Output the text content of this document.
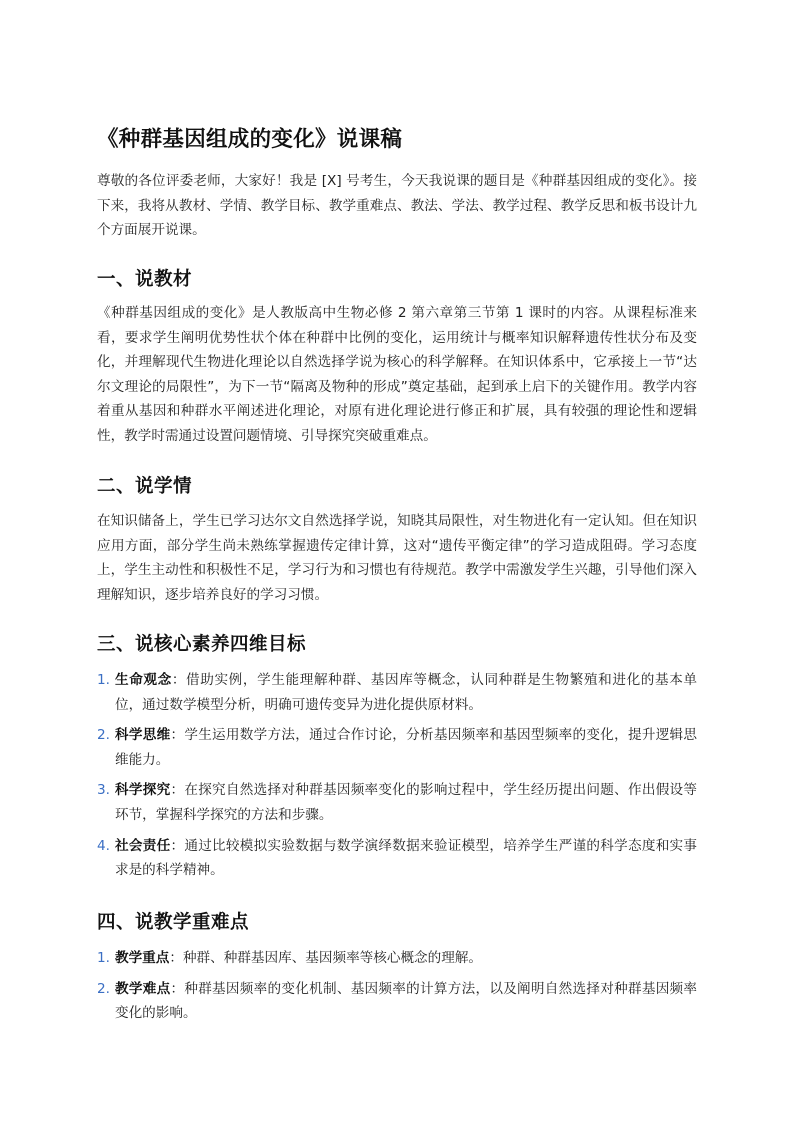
《种群基因组成的变化》说课稿

尊敬的各位评委老师，大家好！我是 [X] 号考生，今天我说课的题目是《种群基因组成的变化》。接下来，我将从教材、学情、教学目标、教学重难点、教法、学法、教学过程、教学反思和板书设计九个方面展开说课。

一、说教材

《种群基因组成的变化》是人教版高中生物必修 2 第六章第三节第 1 课时的内容。从课程标准来看，要求学生阐明优势性状个体在种群中比例的变化，运用统计与概率知识解释遗传性状分布及变化，并理解现代生物进化理论以自然选择学说为核心的科学解释。在知识体系中，它承接上一节“达尔文理论的局限性”，为下一节“隔离及物种的形成”奠定基础，起到承上启下的关键作用。教学内容着重从基因和种群水平阐述进化理论，对原有进化理论进行修正和扩展，具有较强的理论性和逻辑性，教学时需通过设置问题情境、引导探究突破重难点。

二、说学情

在知识储备上，学生已学习达尔文自然选择学说，知晓其局限性，对生物进化有一定认知。但在知识应用方面，部分学生尚未熟练掌握遗传定律计算，这对“遗传平衡定律”的学习造成阻碍。学习态度上，学生主动性和积极性不足，学习行为和习惯也有待规范。教学中需激发学生兴趣，引导他们深入理解知识，逐步培养良好的学习习惯。

三、说核心素养四维目标
1. 生命观念：借助实例，学生能理解种群、基因库等概念，认同种群是生物繁殖和进化的基本单位，通过数学模型分析，明确可遗传变异为进化提供原材料。
2. 科学思维：学生运用数学方法，通过合作讨论，分析基因频率和基因型频率的变化，提升逻辑思维能力。
3. 科学探究：在探究自然选择对种群基因频率变化的影响过程中，学生经历提出问题、作出假设等环节，掌握科学探究的方法和步骤。
4. 社会责任：通过比较模拟实验数据与数学演绎数据来验证模型，培养学生严谨的科学态度和实事求是的科学精神。
四、说教学重难点
1. 教学重点：种群、种群基因库、基因频率等核心概念的理解。
2. 教学难点：种群基因频率的变化机制、基因频率的计算方法，以及阐明自然选择对种群基因频率变化的影响。
